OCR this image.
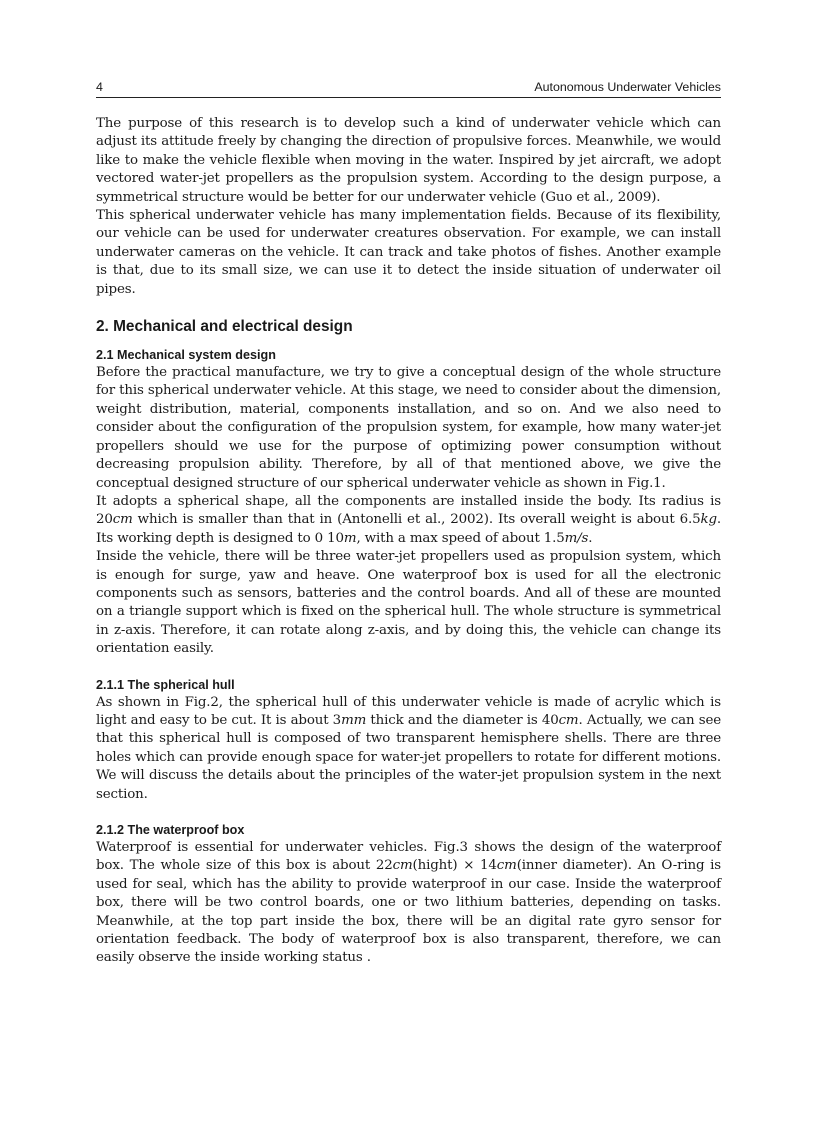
4	Autonomous Underwater Vehicles

The purpose of this research is to develop such a kind of underwater vehicle which can adjust its attitude freely by changing the direction of propulsive forces. Meanwhile, we would like to make the vehicle flexible when moving in the water. Inspired by jet aircraft, we adopt vectored water-jet propellers as the propulsion system. According to the design purpose, a symmetrical structure would be better for our underwater vehicle (Guo et al., 2009).

This spherical underwater vehicle has many implementation fields. Because of its flexibility, our vehicle can be used for underwater creatures observation. For example, we can install underwater cameras on the vehicle. It can track and take photos of fishes. Another example is that, due to its small size, we can use it to detect the inside situation of underwater oil pipes.

2. Mechanical and electrical design
2.1 Mechanical system design

Before the practical manufacture, we try to give a conceptual design of the whole structure for this spherical underwater vehicle. At this stage, we need to consider about the dimension, weight distribution, material, components installation, and so on. And we also need to consider about the configuration of the propulsion system, for example, how many water-jet propellers should we use for the purpose of optimizing power consumption without decreasing propulsion ability. Therefore, by all of that mentioned above, we give the conceptual designed structure of our spherical underwater vehicle as shown in Fig.1.

It adopts a spherical shape, all the components are installed inside the body. Its radius is 20cm which is smaller than that in (Antonelli et al., 2002). Its overall weight is about 6.5kg. Its working depth is designed to 0 10m, with a max speed of about 1.5m/s.

Inside the vehicle, there will be three water-jet propellers used as propulsion system, which is enough for surge, yaw and heave. One waterproof box is used for all the electronic components such as sensors, batteries and the control boards. And all of these are mounted on a triangle support which is fixed on the spherical hull. The whole structure is symmetrical in z-axis. Therefore, it can rotate along z-axis, and by doing this, the vehicle can change its orientation easily.

2.1.1 The spherical hull

As shown in Fig.2, the spherical hull of this underwater vehicle is made of acrylic which is light and easy to be cut. It is about 3mm thick and the diameter is 40cm. Actually, we can see that this spherical hull is composed of two transparent hemisphere shells. There are three holes which can provide enough space for water-jet propellers to rotate for different motions. We will discuss the details about the principles of the water-jet propulsion system in the next section.

2.1.2 The waterproof box

Waterproof is essential for underwater vehicles. Fig.3 shows the design of the waterproof box. The whole size of this box is about 22cm(hight) × 14cm(inner diameter). An O-ring is used for seal, which has the ability to provide waterproof in our case. Inside the waterproof box, there will be two control boards, one or two lithium batteries, depending on tasks. Meanwhile, at the top part inside the box, there will be an digital rate gyro sensor for orientation feedback. The body of waterproof box is also transparent, therefore, we can easily observe the inside working status .
